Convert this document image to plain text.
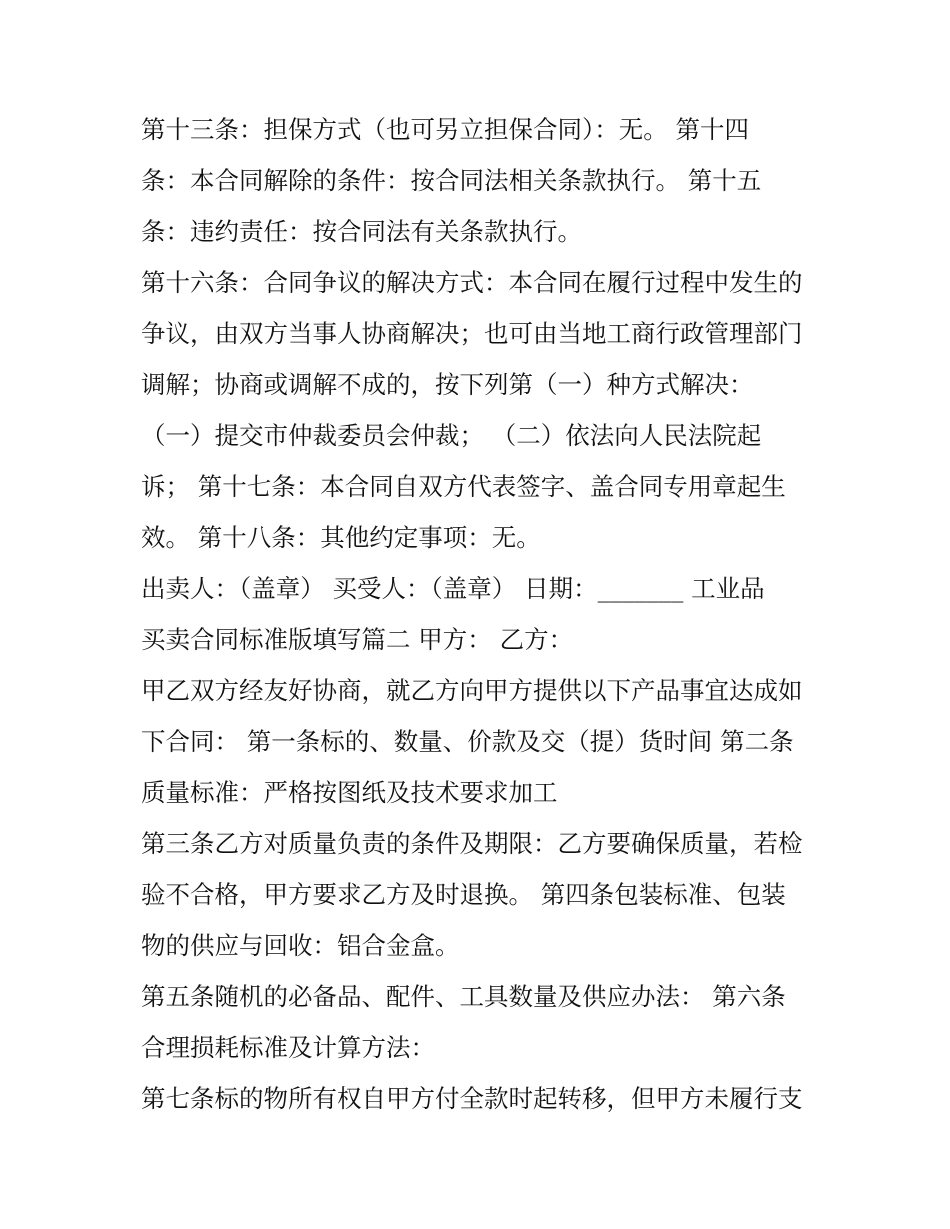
第十三条：担保方式（也可另立担保合同）：无。 第十四
条：本合同解除的条件：按合同法相关条款执行。 第十五
条：违约责任：按合同法有关条款执行。
第十六条：合同争议的解决方式：本合同在履行过程中发生的
争议，由双方当事人协商解决；也可由当地工商行政管理部门
调解；协商或调解不成的，按下列第（一）种方式解决：
（一）提交市仲裁委员会仲裁； （二）依法向人民法院起
诉； 第十七条：本合同自双方代表签字、盖合同专用章起生
效。 第十八条：其他约定事项：无。
出卖人：（盖章） 买受人：（盖章） 日期：_______ 工业品
买卖合同标准版填写篇二 甲方： 乙方：
甲乙双方经友好协商，就乙方向甲方提供以下产品事宜达成如
下合同： 第一条标的、数量、价款及交（提）货时间 第二条
质量标准：严格按图纸及技术要求加工
第三条乙方对质量负责的条件及期限：乙方要确保质量，若检
验不合格，甲方要求乙方及时退换。 第四条包装标准、包装
物的供应与回收：铝合金盒。
第五条随机的必备品、配件、工具数量及供应办法： 第六条
合理损耗标准及计算方法：
第七条标的物所有权自甲方付全款时起转移，但甲方未履行支
